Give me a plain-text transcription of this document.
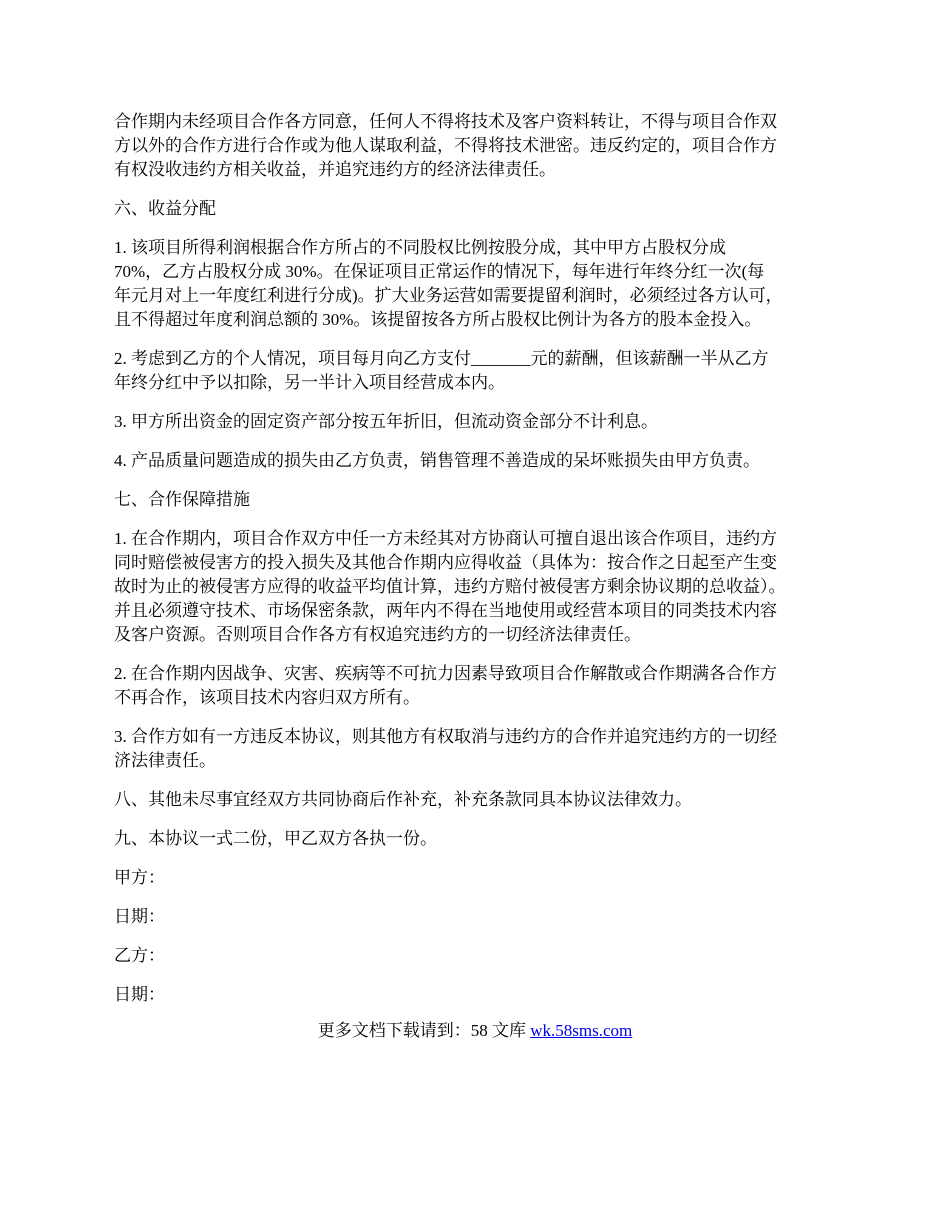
合作期内未经项目合作各方同意，任何人不得将技术及客户资料转让，不得与项目合作双
方以外的合作方进行合作或为他人谋取利益，不得将技术泄密。违反约定的，项目合作方
有权没收违约方相关收益，并追究违约方的经济法律责任。

六、收益分配

1. 该项目所得利润根据合作方所占的不同股权比例按股分成，其中甲方占股权分成
70%，乙方占股权分成 30%。在保证项目正常运作的情况下，每年进行年终分红一次(每
年元月对上一年度红利进行分成)。扩大业务运营如需要提留利润时，必须经过各方认可，
且不得超过年度利润总额的 30%。该提留按各方所占股权比例计为各方的股本金投入。

2. 考虑到乙方的个人情况，项目每月向乙方支付_______元的薪酬，但该薪酬一半从乙方
年终分红中予以扣除，另一半计入项目经营成本内。

3. 甲方所出资金的固定资产部分按五年折旧，但流动资金部分不计利息。

4. 产品质量问题造成的损失由乙方负责，销售管理不善造成的呆坏账损失由甲方负责。

七、合作保障措施

1. 在合作期内，项目合作双方中任一方未经其对方协商认可擅自退出该合作项目，违约方
同时赔偿被侵害方的投入损失及其他合作期内应得收益（具体为：按合作之日起至产生变
故时为止的被侵害方应得的收益平均值计算，违约方赔付被侵害方剩余协议期的总收益）。
并且必须遵守技术、市场保密条款，两年内不得在当地使用或经营本项目的同类技术内容
及客户资源。否则项目合作各方有权追究违约方的一切经济法律责任。

2. 在合作期内因战争、灾害、疾病等不可抗力因素导致项目合作解散或合作期满各合作方
不再合作，该项目技术内容归双方所有。

3. 合作方如有一方违反本协议，则其他方有权取消与违约方的合作并追究违约方的一切经
济法律责任。

八、其他未尽事宜经双方共同协商后作补充，补充条款同具本协议法律效力。

九、本协议一式二份，甲乙双方各执一份。

甲方：

日期：

乙方：

日期：

更多文档下载请到：58 文库 wk.58sms.com
